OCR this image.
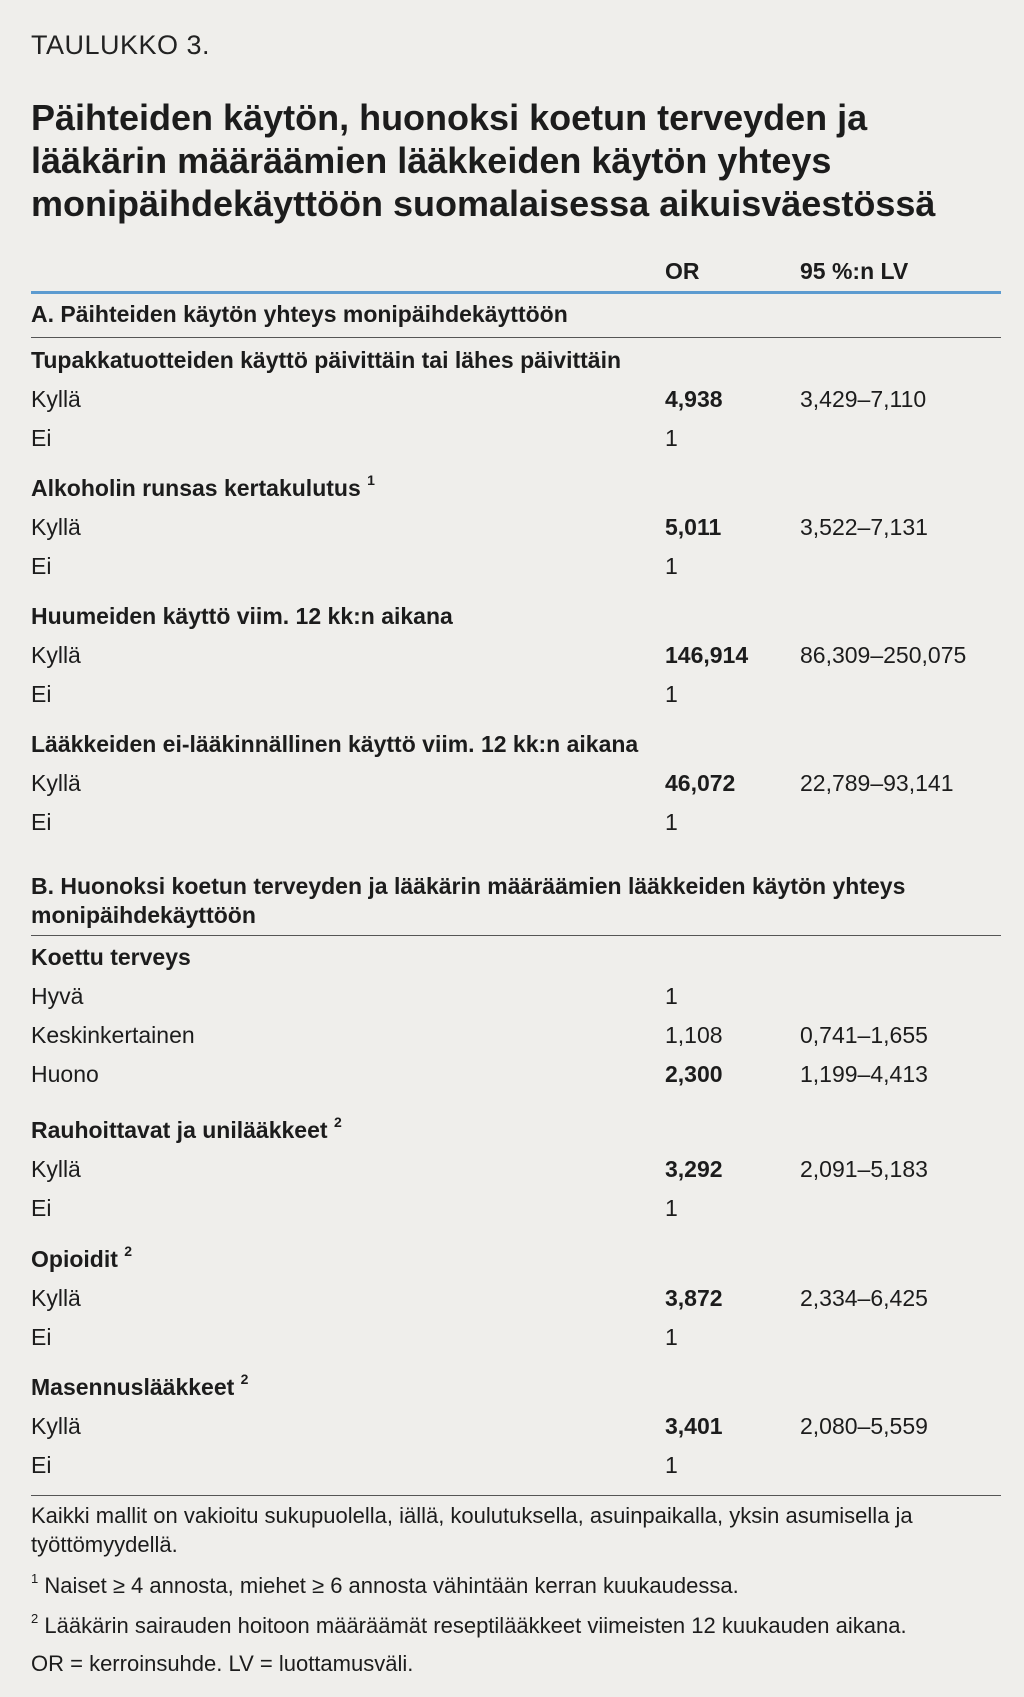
TAULUKKO 3.
Päihteiden käytön, huonoksi koetun terveyden ja lääkärin määräämien lääkkeiden käytön yhteys monipäihdekäyttöön suomalaisessa aikuisväestössä
OR	95 %:n LV
A. Päihteiden käytön yhteys monipäihdekäyttöön
Tupakkatuotteiden käyttö päivittäin tai lähes päivittäin
Kyllä	4,938	3,429–7,110
Ei	1
Alkoholin runsas kertakulutus $^1$
Kyllä	5,011	3,522–7,131
Ei	1
Huumeiden käyttö viim. 12 kk:n aikana
Kyllä	146,914 86,309–250,075
Ei	1
Lääkkeiden ei-lääkinnällinen käyttö viim. 12 kk:n aikana
Kyllä	46,072	22,789–93,141
Ei	1
B. Huonoksi koetun terveyden ja lääkärin määräämien lääkkeiden käytön yhteys monipäihdekäyttöön
Koettu terveys
Hyvä	1
Keskinkertainen	1,108	0,741–1,655
Huono	2,300	1,199–4,413
Rauhoittavat ja unilääkkeet $^2$
Kyllä	3,292	2,091–5,183
Ei	1
Opioidit $^2$
Kyllä	3,872	2,334–6,425
Ei	1
Masennuslääkkeet $^2$
Kyllä	3,401	2,080–5,559
Ei	1
Kaikki mallit on vakioitu sukupuolella, iällä, koulutuksella, asuinpaikalla, yksin asumisella ja työttömyydellä.
$^1$ Naiset ≥ 4 annosta, miehet ≥ 6 annosta vähintään kerran kuukaudessa.
$^2$ Lääkärin sairauden hoitoon määräämät reseptilääkkeet viimeisten 12 kuukauden aikana.
OR = kerroinsuhde. LV = luottamusväli.
